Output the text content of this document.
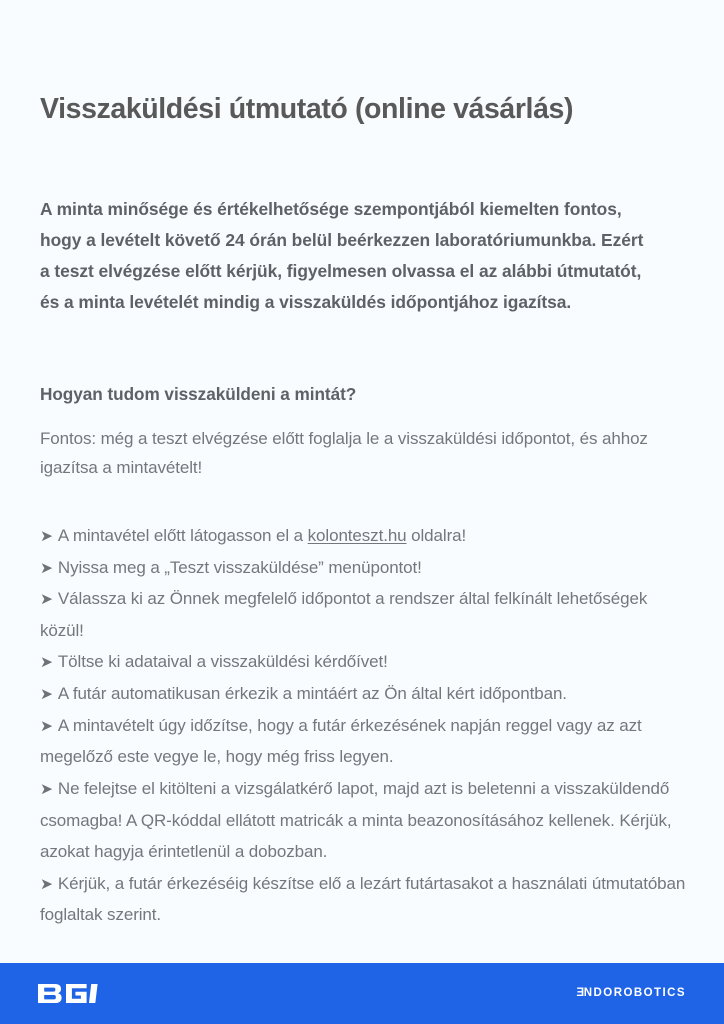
Visszaküldési útmutató (online vásárlás)

A minta minősége és értékelhetősége szempontjából kiemelten fontos, hogy a levételt követő 24 órán belül beérkezzen laboratóriumunkba. Ezért a teszt elvégzése előtt kérjük, figyelmesen olvassa el az alábbi útmutatót, és a minta levételét mindig a visszaküldés időpontjához igazítsa.

Hogyan tudom visszaküldeni a mintát?

Fontos: még a teszt elvégzése előtt foglalja le a visszaküldési időpontot, és ahhoz igazítsa a mintavételt!

➤ A mintavétel előtt látogasson el a kolonteszt.hu oldalra!
➤ Nyissa meg a „Teszt visszaküldése” menüpontot!
➤ Válassza ki az Önnek megfelelő időpontot a rendszer által felkínált lehetőségek közül!
➤ Töltse ki adataival a visszaküldési kérdőívet!
➤ A futár automatikusan érkezik a mintáért az Ön által kért időpontban.
➤ A mintavételt úgy időzítse, hogy a futár érkezésének napján reggel vagy az azt megelőző este vegye le, hogy még friss legyen.
➤ Ne felejtse el kitölteni a vizsgálatkérő lapot, majd azt is beletenni a visszaküldendő csomagba! A QR-kóddal ellátott matricák a minta beazonosításához kellenek. Kérjük, azokat hagyja érintetlenül a dobozban.
➤ Kérjük, a futár érkezéséig készítse elő a lezárt futártasakot a használati útmutatóban foglaltak szerint.
E NDOROBOTICS
